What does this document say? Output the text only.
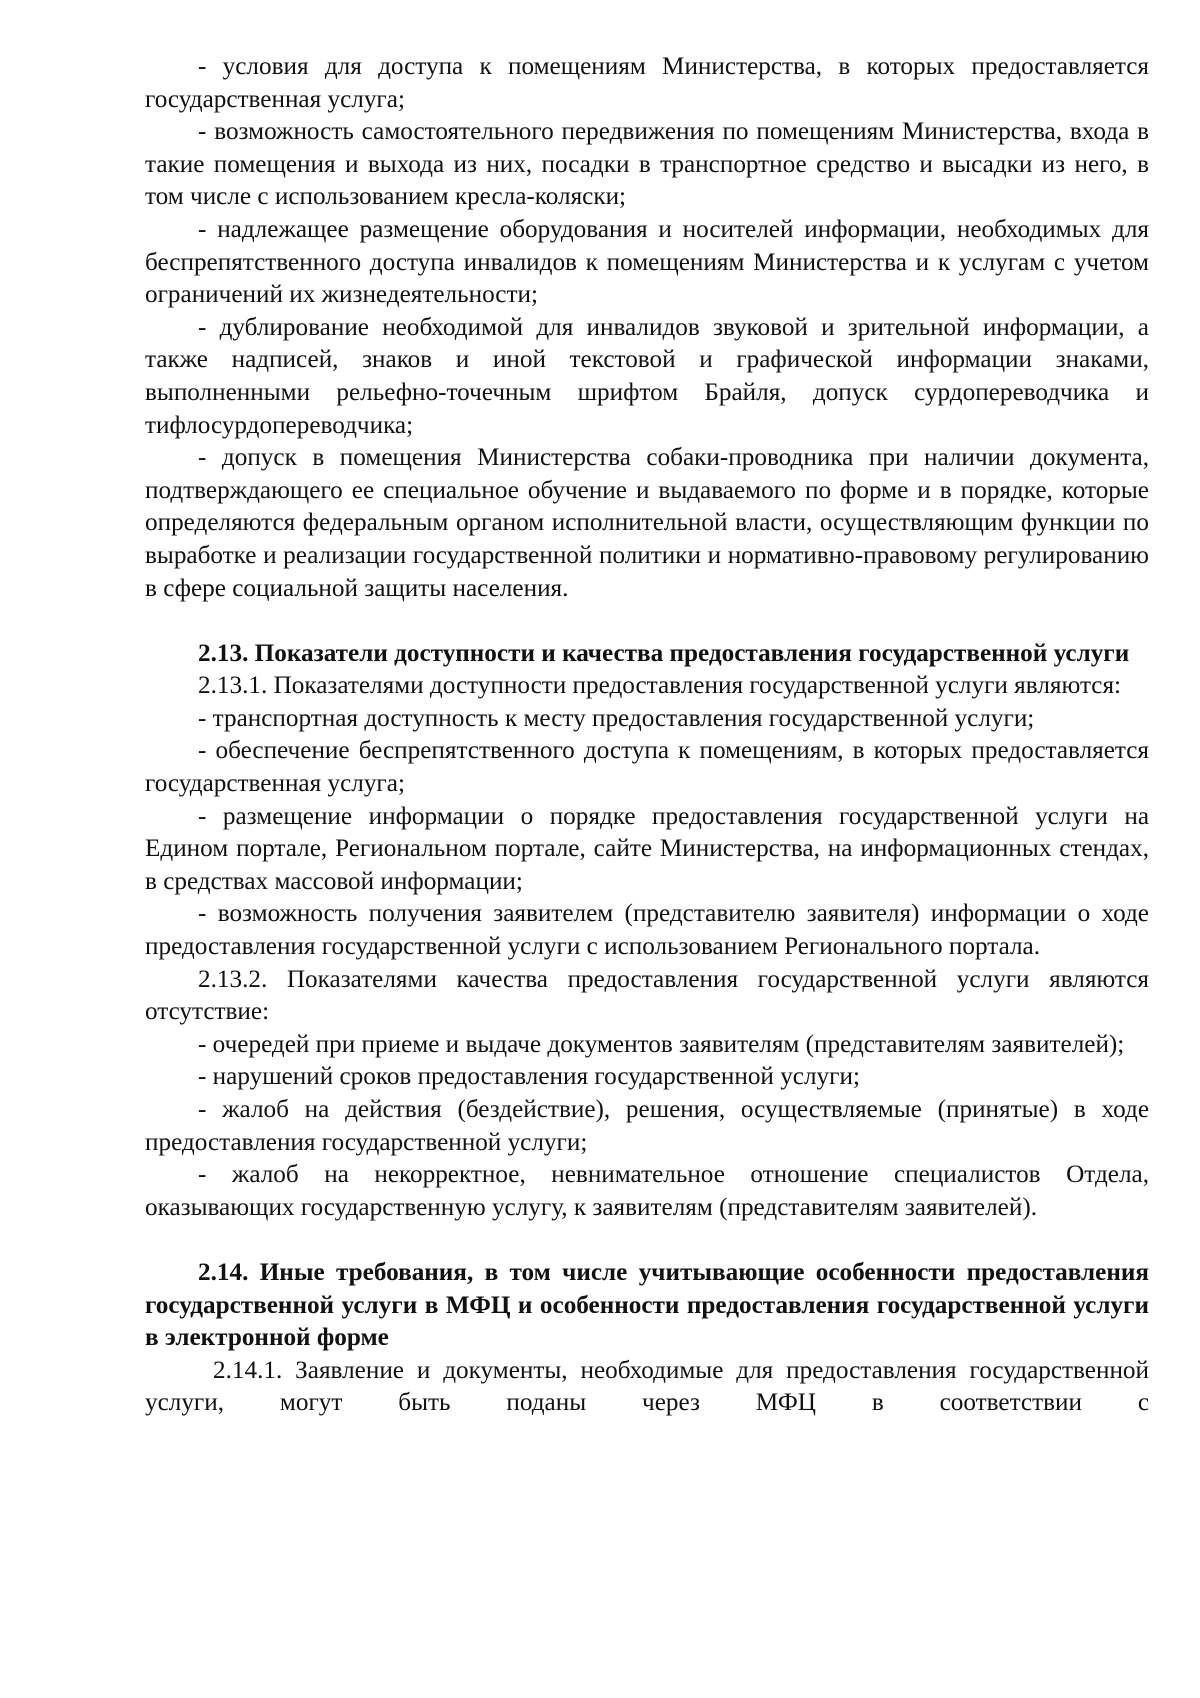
- условия для доступа к помещениям Министерства, в которых предоставляется государственная услуга;

- возможность самостоятельного передвижения по помещениям Министерства, входа в такие помещения и выхода из них, посадки в транспортное средство и высадки из него, в том числе с использованием кресла-коляски;

- надлежащее размещение оборудования и носителей информации, необходимых для беспрепятственного доступа инвалидов к помещениям Министерства и к услугам с учетом ограничений их жизнедеятельности;

- дублирование необходимой для инвалидов звуковой и зрительной информации, а также надписей, знаков и иной текстовой и графической информации знаками, выполненными рельефно-точечным шрифтом Брайля, допуск сурдопереводчика и тифлосурдопереводчика;

- допуск в помещения Министерства собаки-проводника при наличии документа, подтверждающего ее специальное обучение и выдаваемого по форме и в порядке, которые определяются федеральным органом исполнительной власти, осуществляющим функции по выработке и реализации государственной политики и нормативно-правовому регулированию в сфере социальной защиты населения.

2.13. Показатели доступности и качества предоставления государственной услуги

2.13.1. Показателями доступности предоставления государственной услуги являются:

- транспортная доступность к месту предоставления государственной услуги;

- обеспечение беспрепятственного доступа к помещениям, в которых предоставляется государственная услуга;

- размещение информации о порядке предоставления государственной услуги на Едином портале, Региональном портале, сайте Министерства, на информационных стендах, в средствах массовой информации;

- возможность получения заявителем (представителю заявителя) информации о ходе предоставления государственной услуги с использованием Регионального портала.

2.13.2. Показателями качества предоставления государственной услуги являются отсутствие:

- очередей при приеме и выдаче документов заявителям (представителям заявителей);

- нарушений сроков предоставления государственной услуги;

- жалоб на действия (бездействие), решения, осуществляемые (принятые) в ходе предоставления государственной услуги;

- жалоб на некорректное, невнимательное отношение специалистов Отдела, оказывающих государственную услугу, к заявителям (представителям заявителей).

2.14. Иные требования, в том числе учитывающие особенности предоставления государственной услуги в МФЦ и особенности предоставления государственной услуги в электронной форме

2.14.1. Заявление и документы, необходимые для предоставления государственной услуги, могут быть поданы через МФЦ в соответствии с
